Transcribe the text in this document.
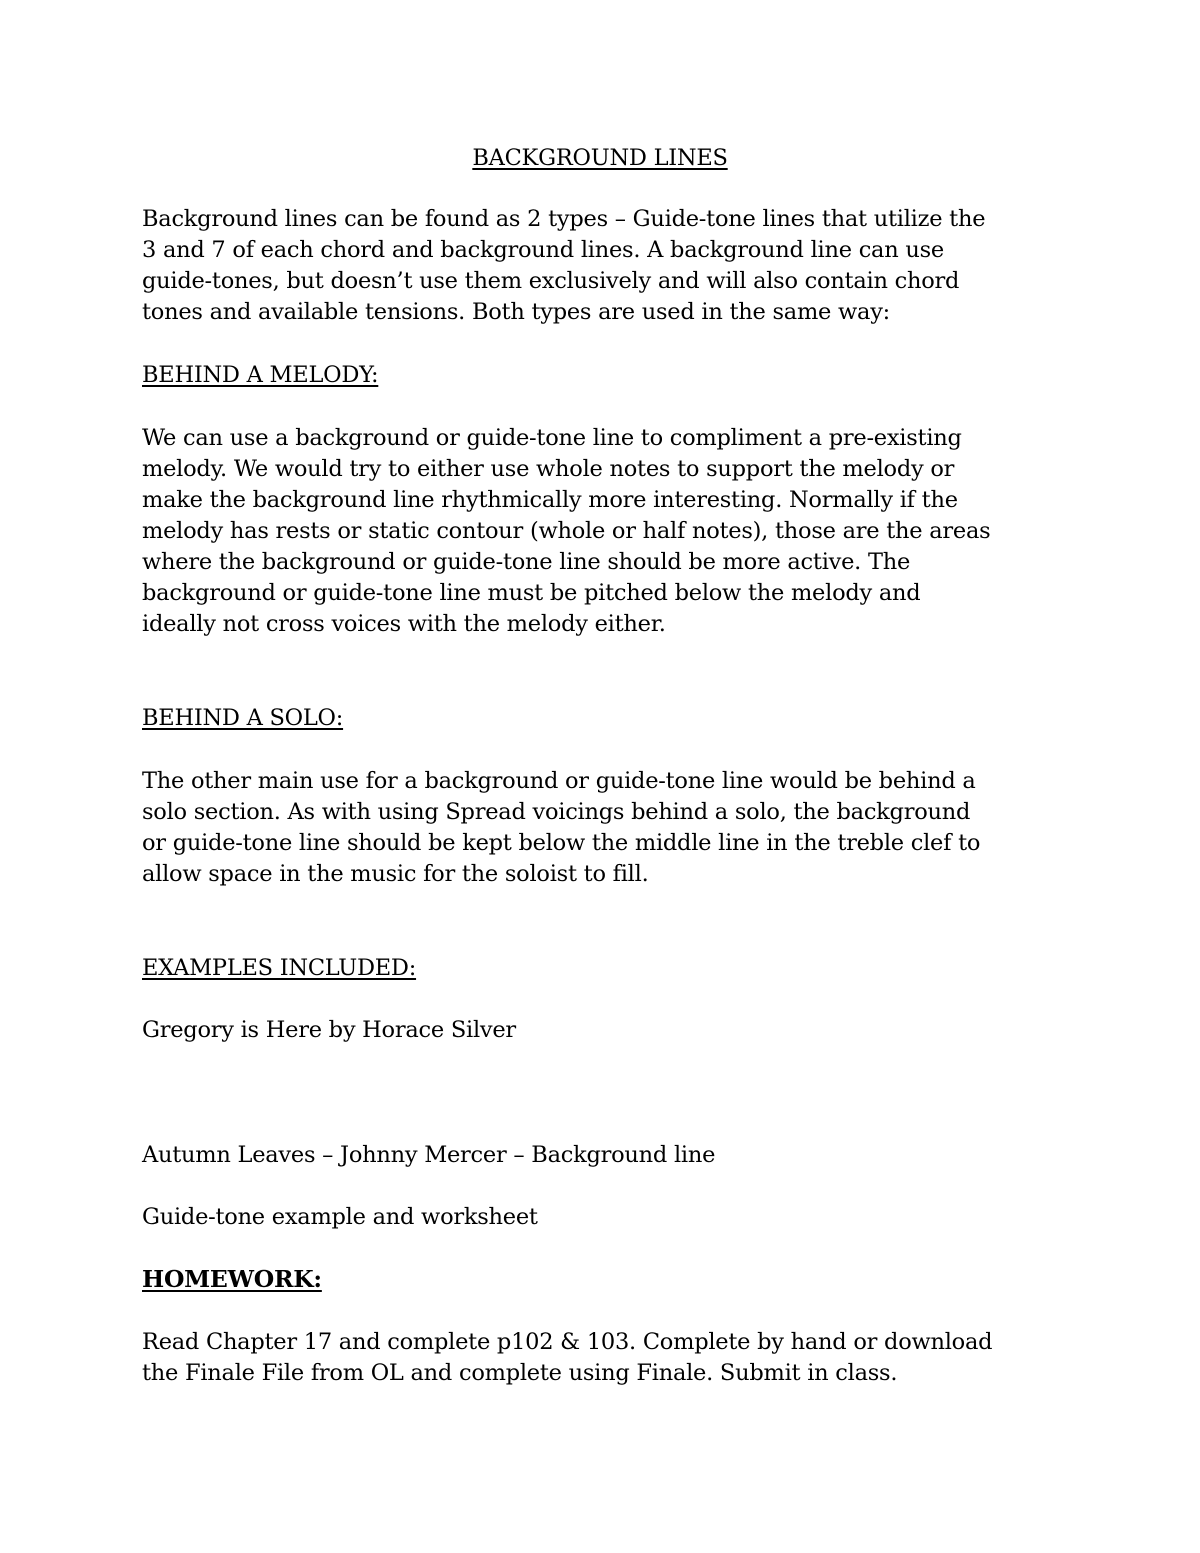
BACKGROUND LINES
Background lines can be found as 2 types – Guide-tone lines that utilize the
3 and 7 of each chord and background lines. A background line can use
guide-tones, but doesn’t use them exclusively and will also contain chord
tones and available tensions. Both types are used in the same way:
BEHIND A MELODY:
We can use a background or guide-tone line to compliment a pre-existing
melody. We would try to either use whole notes to support the melody or
make the background line rhythmically more interesting. Normally if the
melody has rests or static contour (whole or half notes), those are the areas
where the background or guide-tone line should be more active. The
background or guide-tone line must be pitched below the melody and
ideally not cross voices with the melody either.
BEHIND A SOLO:
The other main use for a background or guide-tone line would be behind a
solo section. As with using Spread voicings behind a solo, the background
or guide-tone line should be kept below the middle line in the treble clef to
allow space in the music for the soloist to fill.
EXAMPLES INCLUDED:
Gregory is Here by Horace Silver
Autumn Leaves – Johnny Mercer – Background line
Guide-tone example and worksheet
HOMEWORK:
Read Chapter 17 and complete p102 & 103. Complete by hand or download
the Finale File from OL and complete using Finale. Submit in class.
